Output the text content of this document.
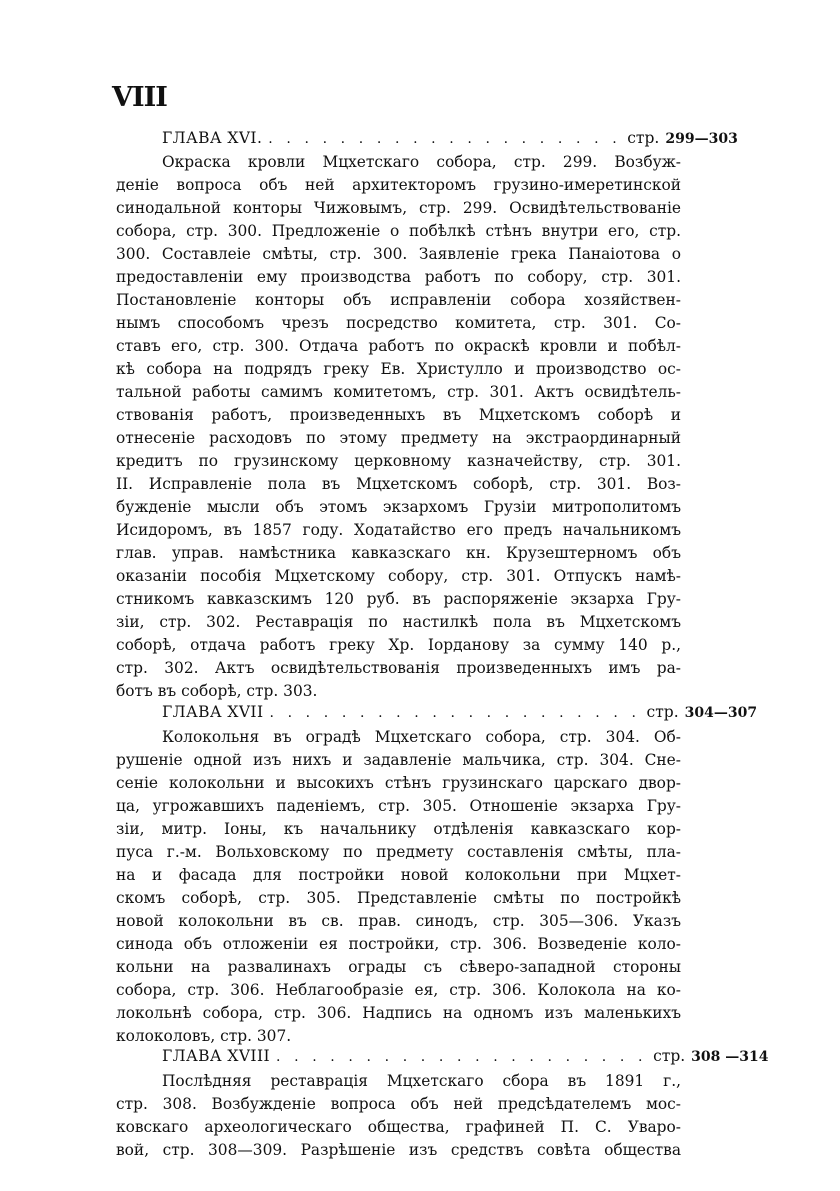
VIII
ГЛАВА XVI. . . . . . . . . . . . . . . . . . . . . стр. 299—303
Окраска кровли Мцхетскаго собора, стр. 299. Возбуж-
деніе вопроса объ ней архитекторомъ грузино-имеретинской
синодальной конторы Чижовымъ, стр. 299. Освидѣтельствованіе
собора, стр. 300. Предложеніе о побѣлкѣ стѣнъ внутри его, стр.
300. Составлеіе смѣты, стр. 300. Заявленіе грека Панаіотова о
предоставленіи ему производства работъ по собору, стр. 301.
Постановленіе конторы объ исправленіи собора хозяйствен-
нымъ способомъ чрезъ посредство комитета, стр. 301. Со-
ставъ его, стр. 300. Отдача работъ по окраскѣ кровли и побѣл-
кѣ собора на подрядъ греку Ев. Христулло и производство ос-
тальной работы самимъ комитетомъ, стр. 301. Актъ освидѣтель-
ствованія работъ, произведенныхъ въ Мцхетскомъ соборѣ и
отнесеніе расходовъ по этому предмету на экстраординарный
кредитъ по грузинскому церковному казначейству, стр. 301.
II. Исправленіе пола въ Мцхетскомъ соборѣ, стр. 301. Воз-
бужденіе мысли объ этомъ экзархомъ Грузіи митрополитомъ
Исидоромъ, въ 1857 году. Ходатайство его предъ начальникомъ
глав. управ. намѣстника кавказскаго кн. Крузештерномъ объ
оказаніи пособія Мцхетскому собору, стр. 301. Отпускъ намѣ-
стникомъ кавказскимъ 120 руб. въ распоряженіе экзарха Гру-
зіи, стр. 302. Реставрація по настилкѣ пола въ Мцхетскомъ
соборѣ, отдача работъ греку Хр. Іорданову за сумму 140 р.,
стр. 302. Актъ освидѣтельствованія произведенныхъ имъ ра-
ботъ въ соборѣ, стр. 303.
ГЛАВА XVII . . . . . . . . . . . . . . . . . . . . . стр. 304—307
Колокольня въ оградѣ Мцхетскаго собора, стр. 304. Об-
рушеніе одной изъ нихъ и задавленіе мальчика, стр. 304. Сне-
сеніе колокольни и высокихъ стѣнъ грузинскаго царскаго двор-
ца, угрожавшихъ паденіемъ, стр. 305. Отношеніе экзарха Гру-
зіи, митр. Іоны, къ начальнику отдѣленія кавказскаго кор-
пуса г.-м. Вольховскому по предмету составленія смѣты, пла-
на и фасада для постройки новой колокольни при Мцхет-
скомъ соборѣ, стр. 305. Представленіе смѣты по постройкѣ
новой колокольни въ св. прав. синодъ, стр. 305—306. Указъ
синода объ отложеніи ея постройки, стр. 306. Возведеніе коло-
кольни на развалинахъ ограды съ сѣверо-западной стороны
собора, стр. 306. Неблагообразіе ея, стр. 306. Колокола на ко-
локольнѣ собора, стр. 306. Надпись на одномъ изъ маленькихъ
колоколовъ, стр. 307.
ГЛАВА XVIII . . . . . . . . . . . . . . . . . . . . . стр. 308 —314
Послѣдняя реставрація Мцхетскаго сбора въ 1891 г.,
стр. 308. Возбужденіе вопроса объ ней предсѣдателемъ мос-
ковскаго археологическаго общества, графиней П. С. Уваро-
вой, стр. 308—309. Разрѣшеніе изъ средствъ совѣта общества
